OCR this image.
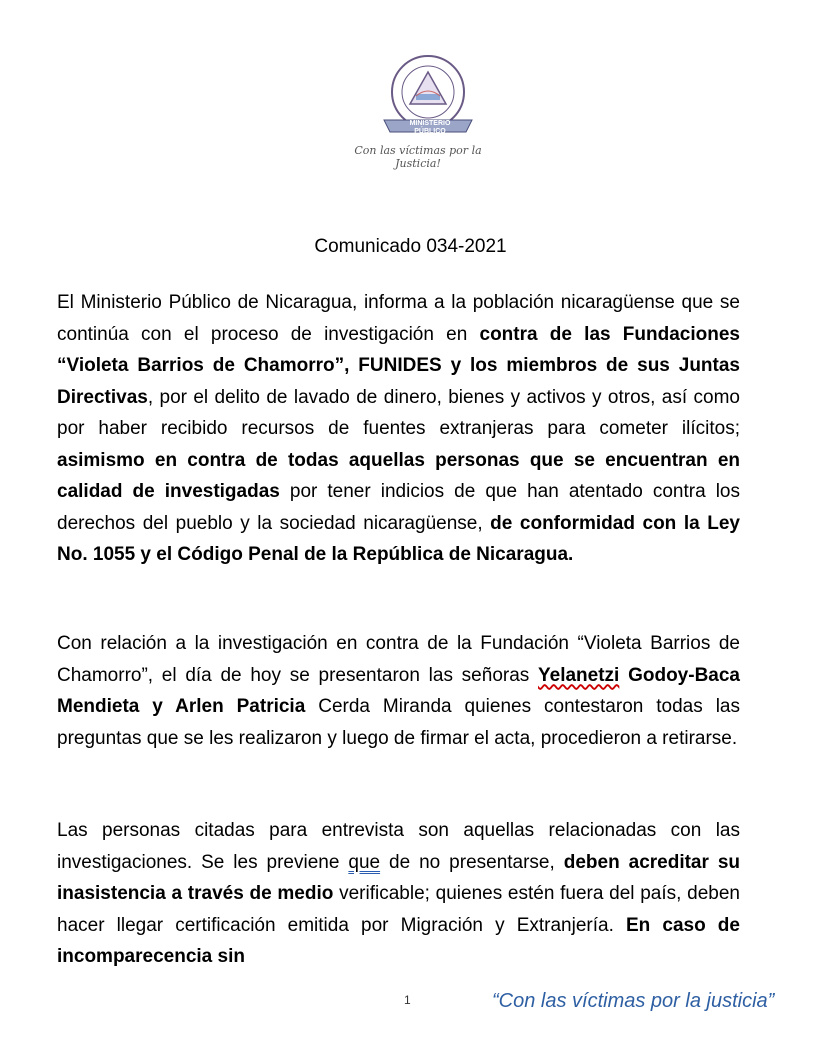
MINISTERIO
PÚBLICO
Con las víctimas por la Justicia!
Comunicado 034-2021
El Ministerio Público de Nicaragua, informa a la población nicaragüense que se continúa con el proceso de investigación en contra de las Fundaciones “Violeta Barrios de Chamorro”, FUNIDES y los miembros de sus Juntas Directivas, por el delito de lavado de dinero, bienes y activos y otros, así como por haber recibido recursos de fuentes extranjeras para cometer ilícitos; asimismo en contra de todas aquellas personas que se encuentran en calidad de investigadas por tener indicios de que han atentado contra los derechos del pueblo y la sociedad nicaragüense, de conformidad con la Ley No. 1055 y el Código Penal de la República de Nicaragua.
Con relación a la investigación en contra de la Fundación “Violeta Barrios de Chamorro”, el día de hoy se presentaron las señoras Yelanetzi Godoy-Baca Mendieta y Arlen Patricia Cerda Miranda quienes contestaron todas las preguntas que se les realizaron y luego de firmar el acta, procedieron a retirarse.
Las personas citadas para entrevista son aquellas relacionadas con las investigaciones. Se les previene que de no presentarse, deben acreditar su inasistencia a través de medio verificable; quienes estén fuera del país, deben hacer llegar certificación emitida por Migración y Extranjería. En caso de incomparecencia sin
1	“Con las víctimas por la justicia”
